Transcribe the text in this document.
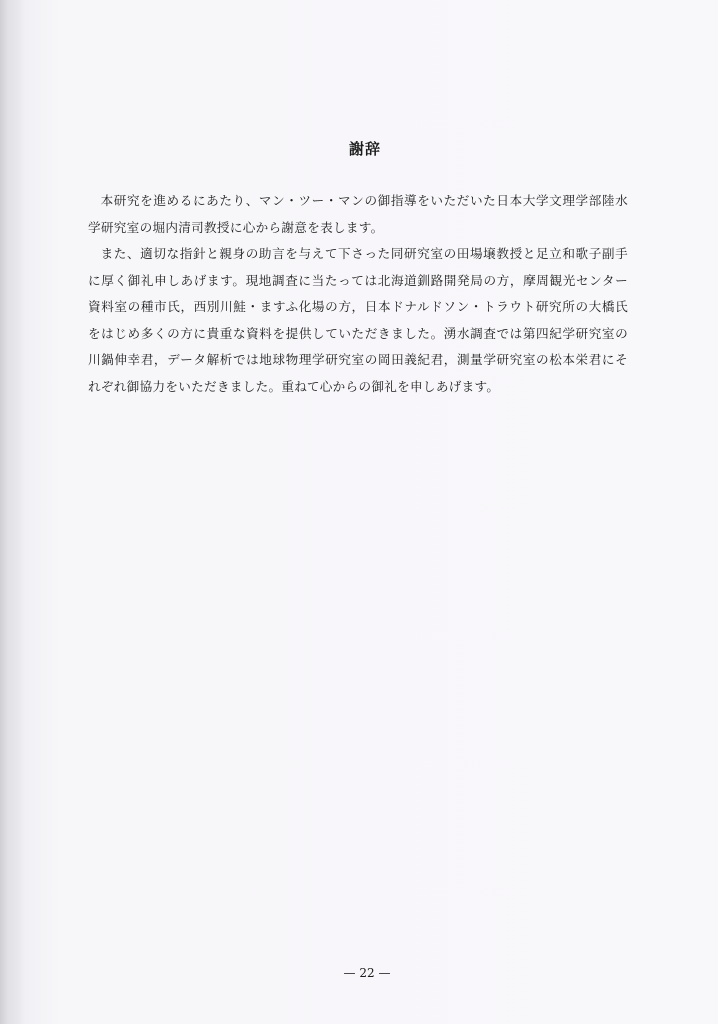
謝辞

本研究を進めるにあたり、マン・ツー・マンの御指導をいただいた日本大学文理学部陸水学研究室の堀内清司教授に心から謝意を表します。

また、適切な指針と親身の助言を与えて下さった同研究室の田場壌教授と足立和歌子副手に厚く御礼申しあげます。現地調査に当たっては北海道釧路開発局の方，摩周観光センター資料室の種市氏，西別川鮭・ますふ化場の方，日本ドナルドソン・トラウト研究所の大橋氏をはじめ多くの方に貴重な資料を提供していただきました。湧水調査では第四紀学研究室の川鍋伸幸君，データ解析では地球物理学研究室の岡田義紀君，測量学研究室の松本栄君にそれぞれ御協力をいただきました。重ねて心からの御礼を申しあげます。

— 22 —
